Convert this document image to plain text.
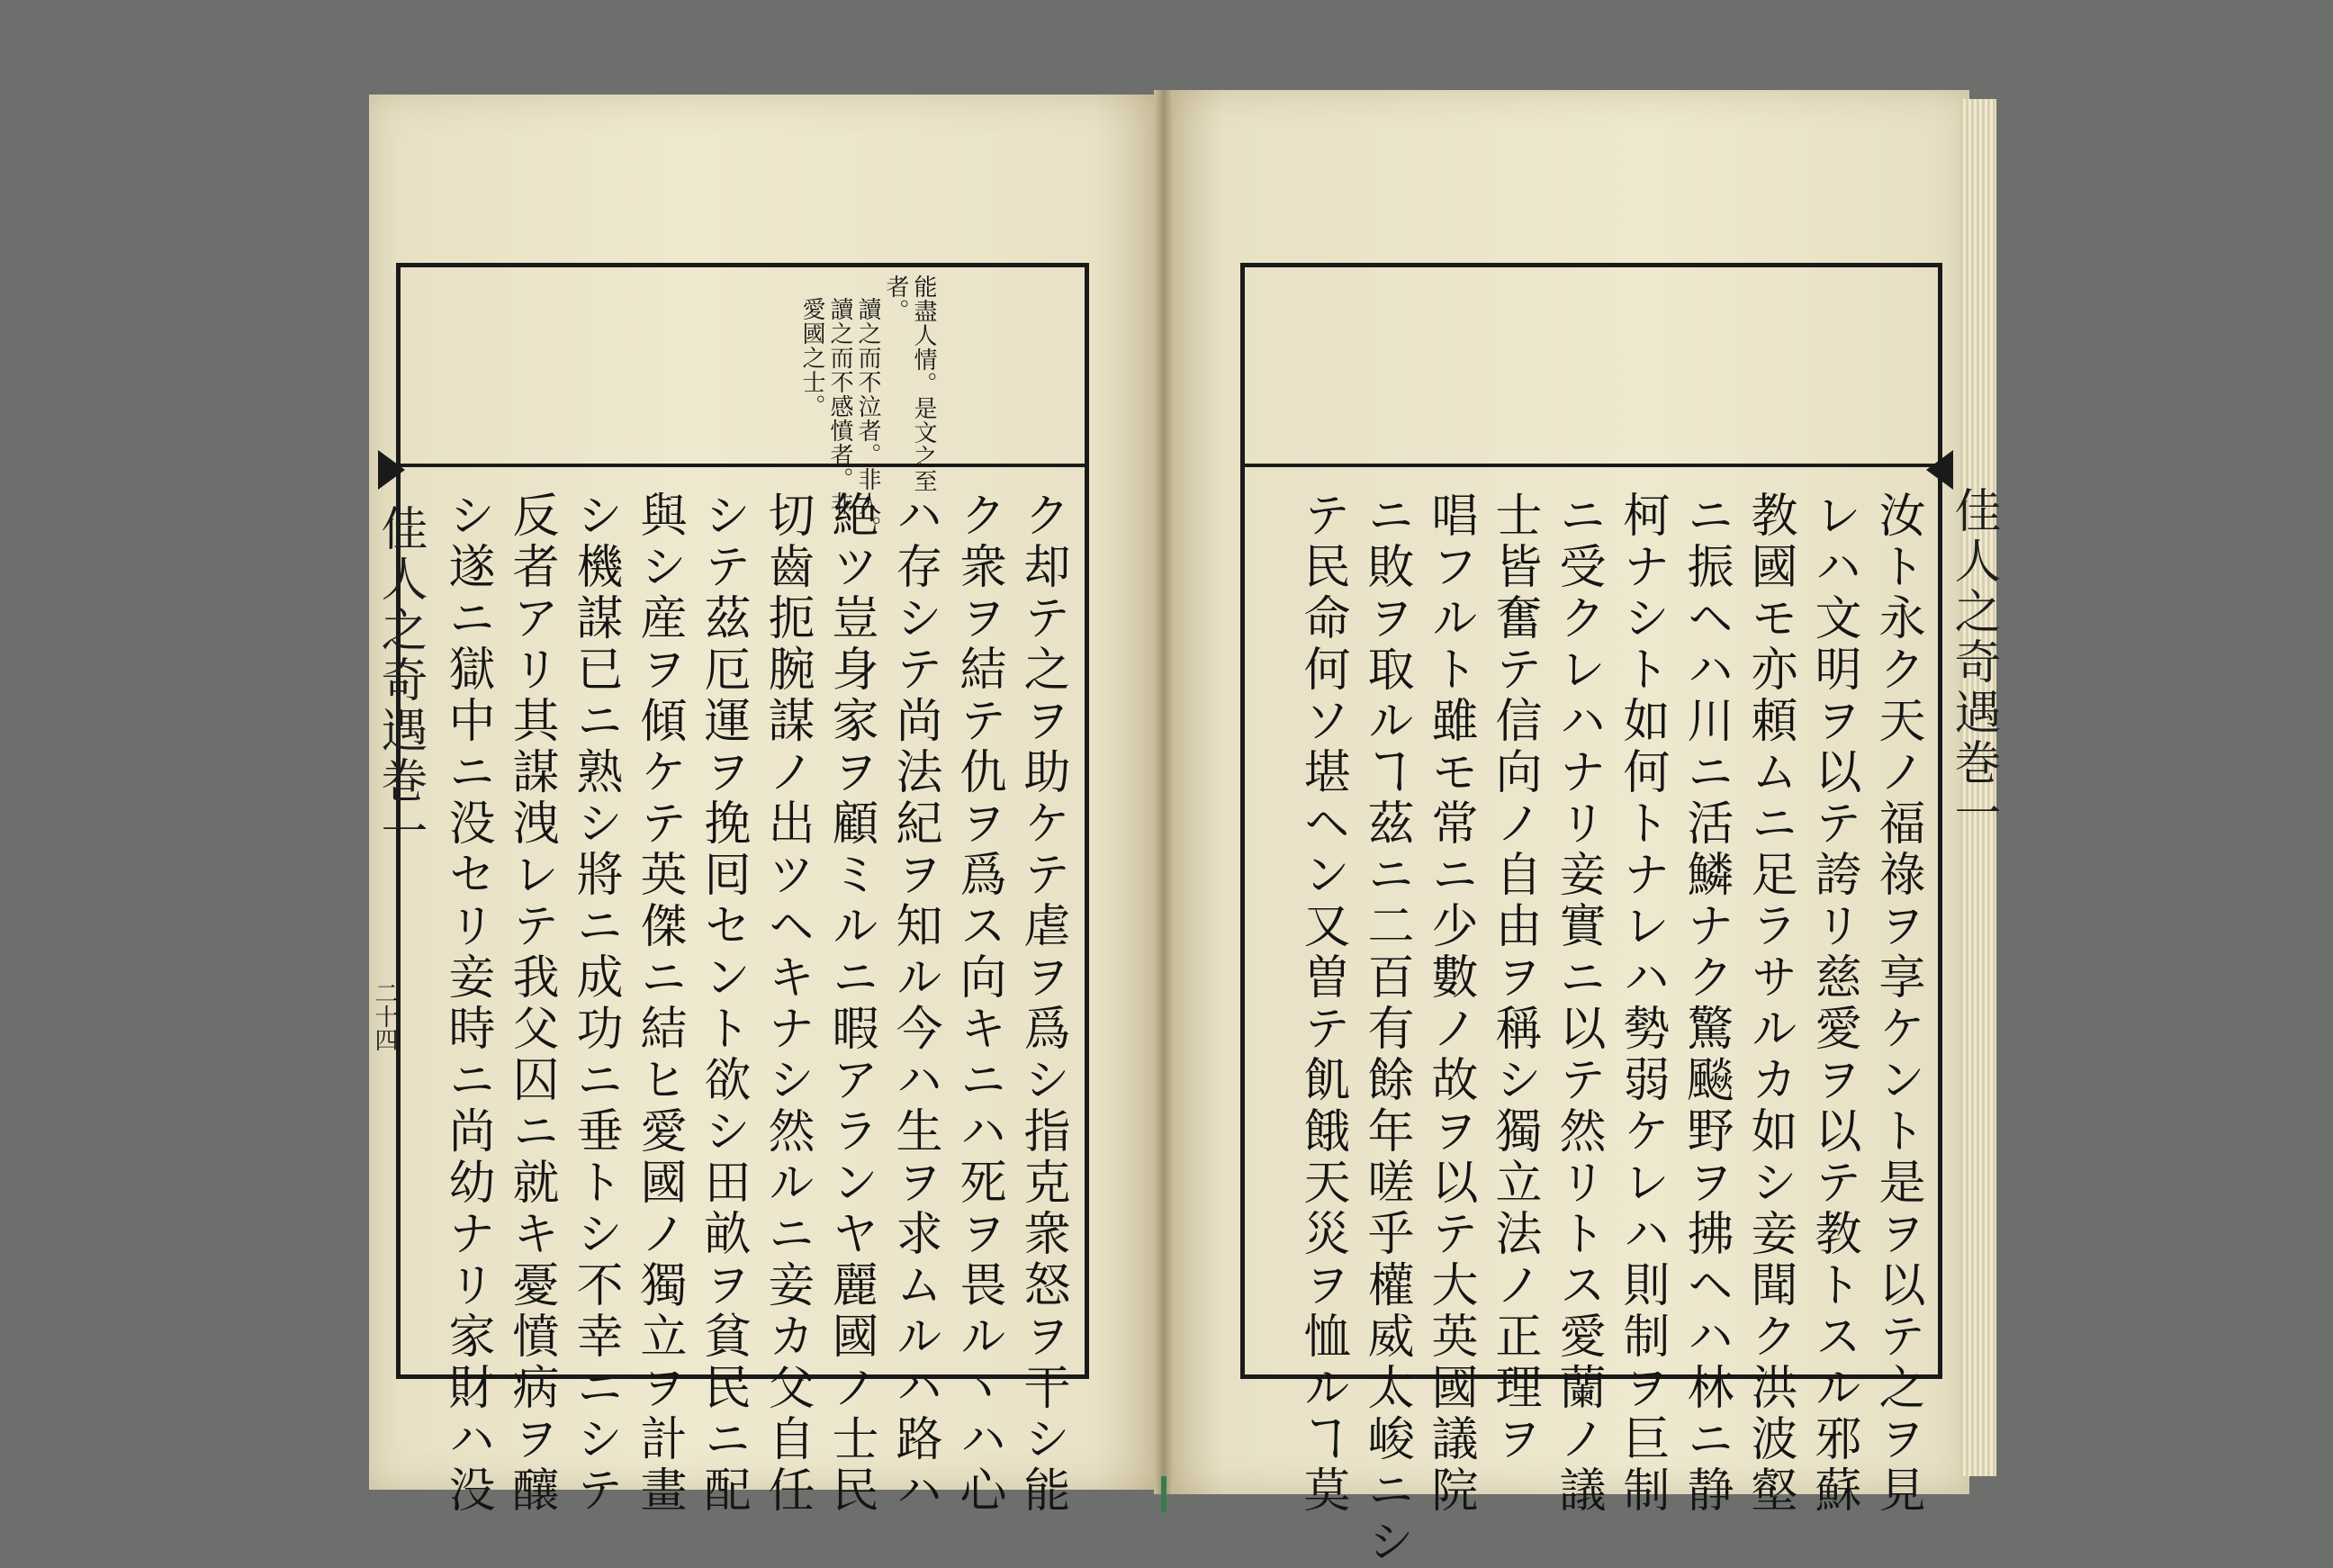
能盡人情。是文之至
者。
讀之而不泣者。非人。
讀之而不感憤者。非
愛國之士。
ク却テ之ヲ助ケテ虐ヲ爲シ指克衆怒ヲ干シ能
ク衆ヲ結テ仇ヲ爲ス向キニハ死ヲ畏ルヽハ心
ハ存シテ尚法紀ヲ知ル今ハ生ヲ求ムルハ路ハ
絶ツ豈身家ヲ顧ミルニ暇アランヤ麗國ノ士民
切齒扼腕謀ノ出ツヘキナシ然ルニ妾カ父自任
シテ茲厄運ヲ挽囘セント欲シ田畝ヲ貧民ニ配
與シ産ヲ傾ケテ英傑ニ結ヒ愛國ノ獨立ヲ計畫
シ機謀已ニ熟シ將ニ成功ニ垂トシ不幸ニシテ
反者アリ其謀洩レテ我父囚ニ就キ憂憤病ヲ釀
シ遂ニ獄中ニ没セリ妾時ニ尚幼ナリ家財ハ没
佳人之奇遇巻一
二十四
佳人之奇遇巻一
汝ト永ク天ノ福祿ヲ享ケント是ヲ以テ之ヲ見
レハ文明ヲ以テ誇リ慈愛ヲ以テ教トスル邪蘇
教國モ亦頼ムニ足ラサルカ如シ妾聞ク洪波壑
ニ振ヘハ川ニ活鱗ナク驚飈野ヲ拂ヘハ林ニ静
柯ナシト如何トナレハ勢弱ケレハ則制ヲ巨制
ニ受クレハナリ妾實ニ以テ然リトス愛蘭ノ議
士皆奮テ信向ノ自由ヲ稱シ獨立法ノ正理ヲ
唱フルト雖モ常ニ少數ノ故ヲ以テ大英國議院
ニ敗ヲ取ルヿ茲ニ二百有餘年嗟乎權威太峻ニシ
テ民命何ソ堪ヘン又曽テ飢餓天災ヲ恤ルヿ莫
